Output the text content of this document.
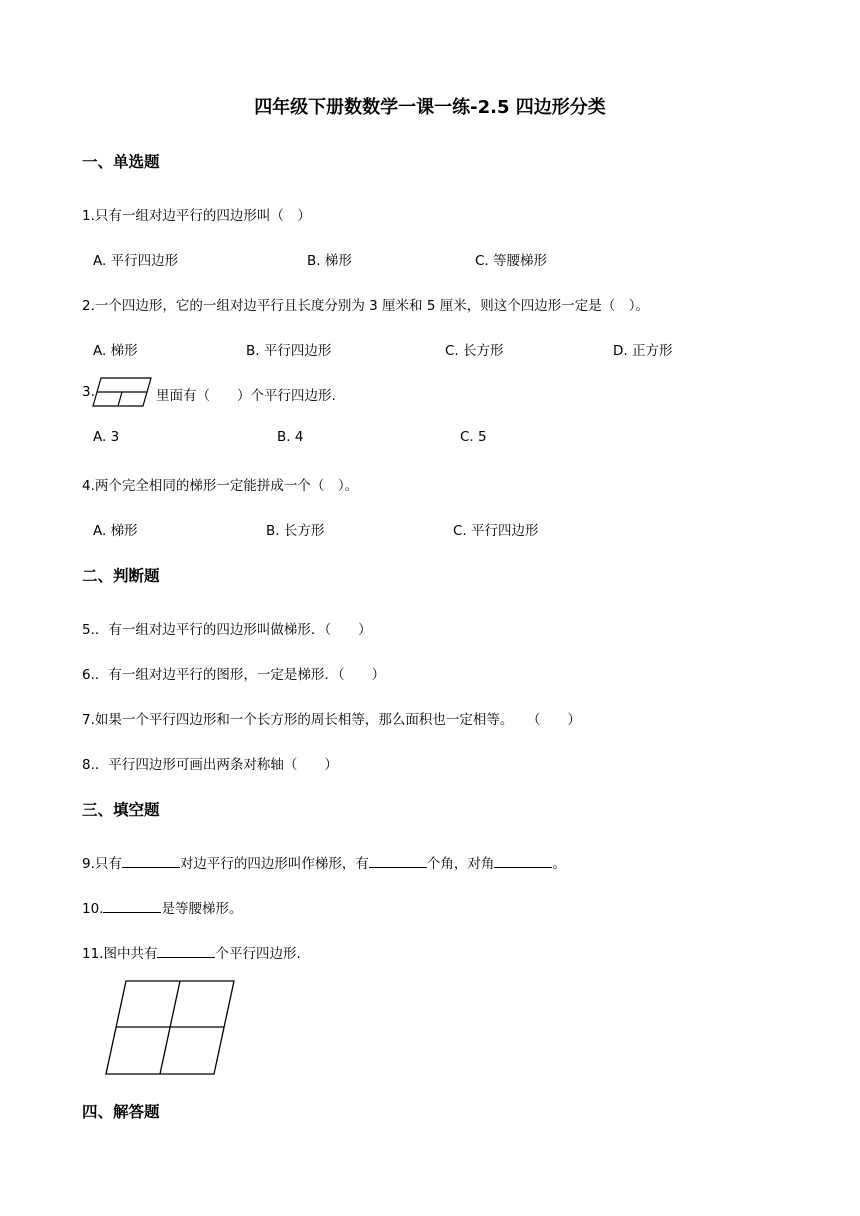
四年级下册数数学一课一练-2.5 四边形分类
一、单选题
1.只有一组对边平行的四边形叫（　）
A. 平行四边形	B. 梯形	C. 等腰梯形
2.一个四边形，它的一组对边平行且长度分别为 3 厘米和 5 厘米，则这个四边形一定是（　）。
A. 梯形	B. 平行四边形	C. 长方形	D. 正方形
3.	里面有（　　）个平行四边形.
A. 3	B. 4	C. 5
4.两个完全相同的梯形一定能拼成一个（　）。
A. 梯形	B. 长方形	C. 平行四边形
二、判断题
5.．有一组对边平行的四边形叫做梯形．（　　）
6.．有一组对边平行的图形，一定是梯形．（　　）
7.如果一个平行四边形和一个长方形的周长相等，那么面积也一定相等。　　（　　）
8.．平行四边形可画出两条对称轴（　　）
三、填空题
9.只有	对边平行的四边形叫作梯形，有	个角，对角	。
10.	是等腰梯形。
11.图中共有	个平行四边形.
四、解答题
